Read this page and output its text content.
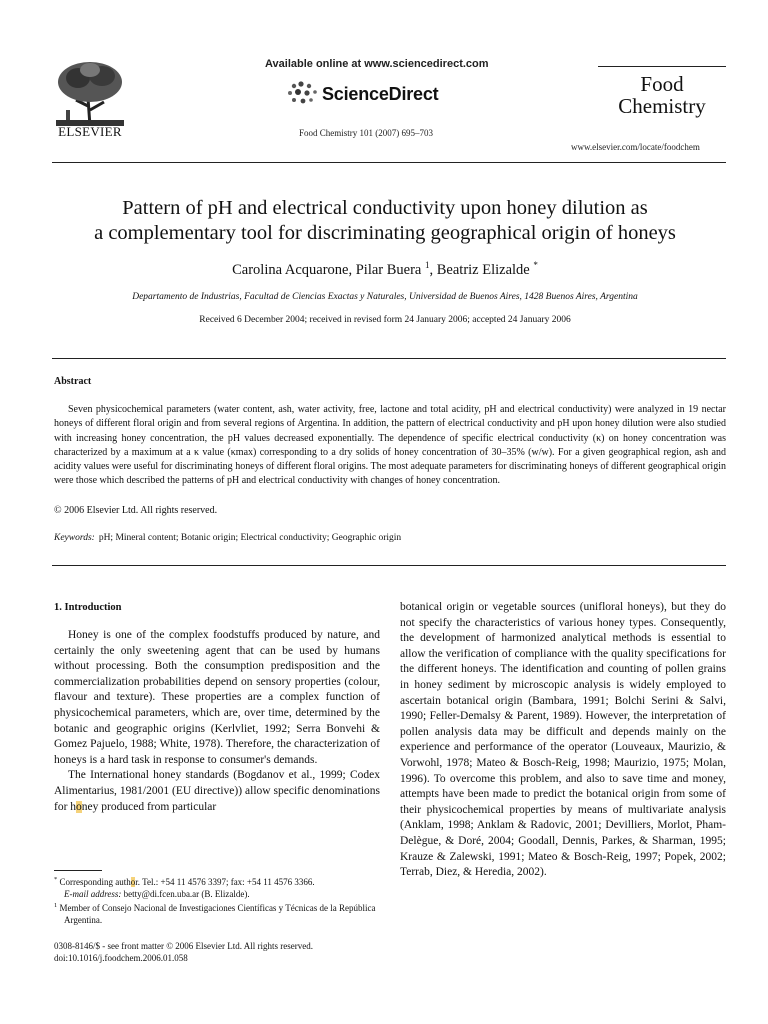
ELSEVIER
Available online at www.sciencedirect.com
ScienceDirect
Food Chemistry 101 (2007) 695–703
Food
Chemistry
www.elsevier.com/locate/foodchem
Pattern of pH and electrical conductivity upon honey dilution as
a complementary tool for discriminating geographical origin of honeys
Carolina Acquarone, Pilar Buera $^1$, Beatriz Elizalde *
Departamento de Industrias, Facultad de Ciencias Exactas y Naturales, Universidad de Buenos Aires, 1428 Buenos Aires, Argentina
Received 6 December 2004; received in revised form 24 January 2006; accepted 24 January 2006
Abstract

Seven physicochemical parameters (water content, ash, water activity, free, lactone and total acidity, pH and electrical conductivity) were analyzed in 19 nectar honeys of different floral origin and from several regions of Argentina. In addition, the pattern of electrical conductivity and pH upon honey dilution were also studied with increasing honey concentration, the pH values decreased exponentially. The dependence of specific electrical conductivity (κ) on honey concentration was characterized by a maximum at a κ value (κmax) corresponding to a dry solids of honey concentration of 30–35% (w/w). For a given geographical region, ash and acidity values were useful for discriminating honeys of different floral origins. The most adequate parameters for discriminating honeys of different geographical origin were those which described the patterns of pH and electrical conductivity with changes of honey concentration.

© 2006 Elsevier Ltd. All rights reserved.
Keywords: pH; Mineral content; Botanic origin; Electrical conductivity; Geographic origin
1. Introduction

Honey is one of the complex foodstuffs produced by nature, and certainly the only sweetening agent that can be used by humans without processing. Both the consumption predisposition and the commercialization probabilities depend on sensory properties (colour, flavour and texture). These properties are a complex function of physicochemical parameters, which are, over time, determined by the botanic and geographic origins (Kerlvliet, 1992; Serra Bonvehi & Gomez Pajuelo, 1988; White, 1978). Therefore, the characterization of honeys is a hard task in response to consumer's demands.

The International honey standards (Bogdanov et al., 1999; Codex Alimentarius, 1981/2001 (EU directive)) allow specific denominations for honey produced from particular

botanical origin or vegetable sources (unifloral honeys), but they do not specify the characteristics of various honey types. Consequently, the development of harmonized analytical methods is essential to allow the verification of compliance with the quality specifications for the different honeys. The identification and counting of pollen grains in honey sediment by microscopic analysis is widely employed to ascertain botanical origin (Bambara, 1991; Bolchi Serini & Salvi, 1990; Feller-Demalsy & Parent, 1989). However, the interpretation of pollen analysis data may be difficult and depends mainly on the experience and performance of the operator (Louveaux, Maurizio, & Vorwohl, 1978; Mateo & Bosch-Reig, 1998; Maurizio, 1975; Molan, 1996). To overcome this problem, and also to save time and money, attempts have been made to predict the botanical origin from some of their physicochemical properties by means of multivariate analysis (Anklam, 1998; Anklam & Radovic, 2001; Devilliers, Morlot, Pham-Delègue, & Doré, 2004; Goodall, Dennis, Parkes, & Sharman, 1995; Krauze & Zalewski, 1991; Mateo & Bosch-Reig, 1997; Popek, 2002; Terrab, Diez, & Heredia, 2002).

* Corresponding author. Tel.: +54 11 4576 3397; fax: +54 11 4576 3366.
E-mail address: betty@di.fcen.uba.ar (B. Elizalde).
$^1$ Member of Consejo Nacional de Investigaciones Científicas y Técnicas de la República Argentina.
0308-8146/$ - see front matter © 2006 Elsevier Ltd. All rights reserved.
doi:10.1016/j.foodchem.2006.01.058
